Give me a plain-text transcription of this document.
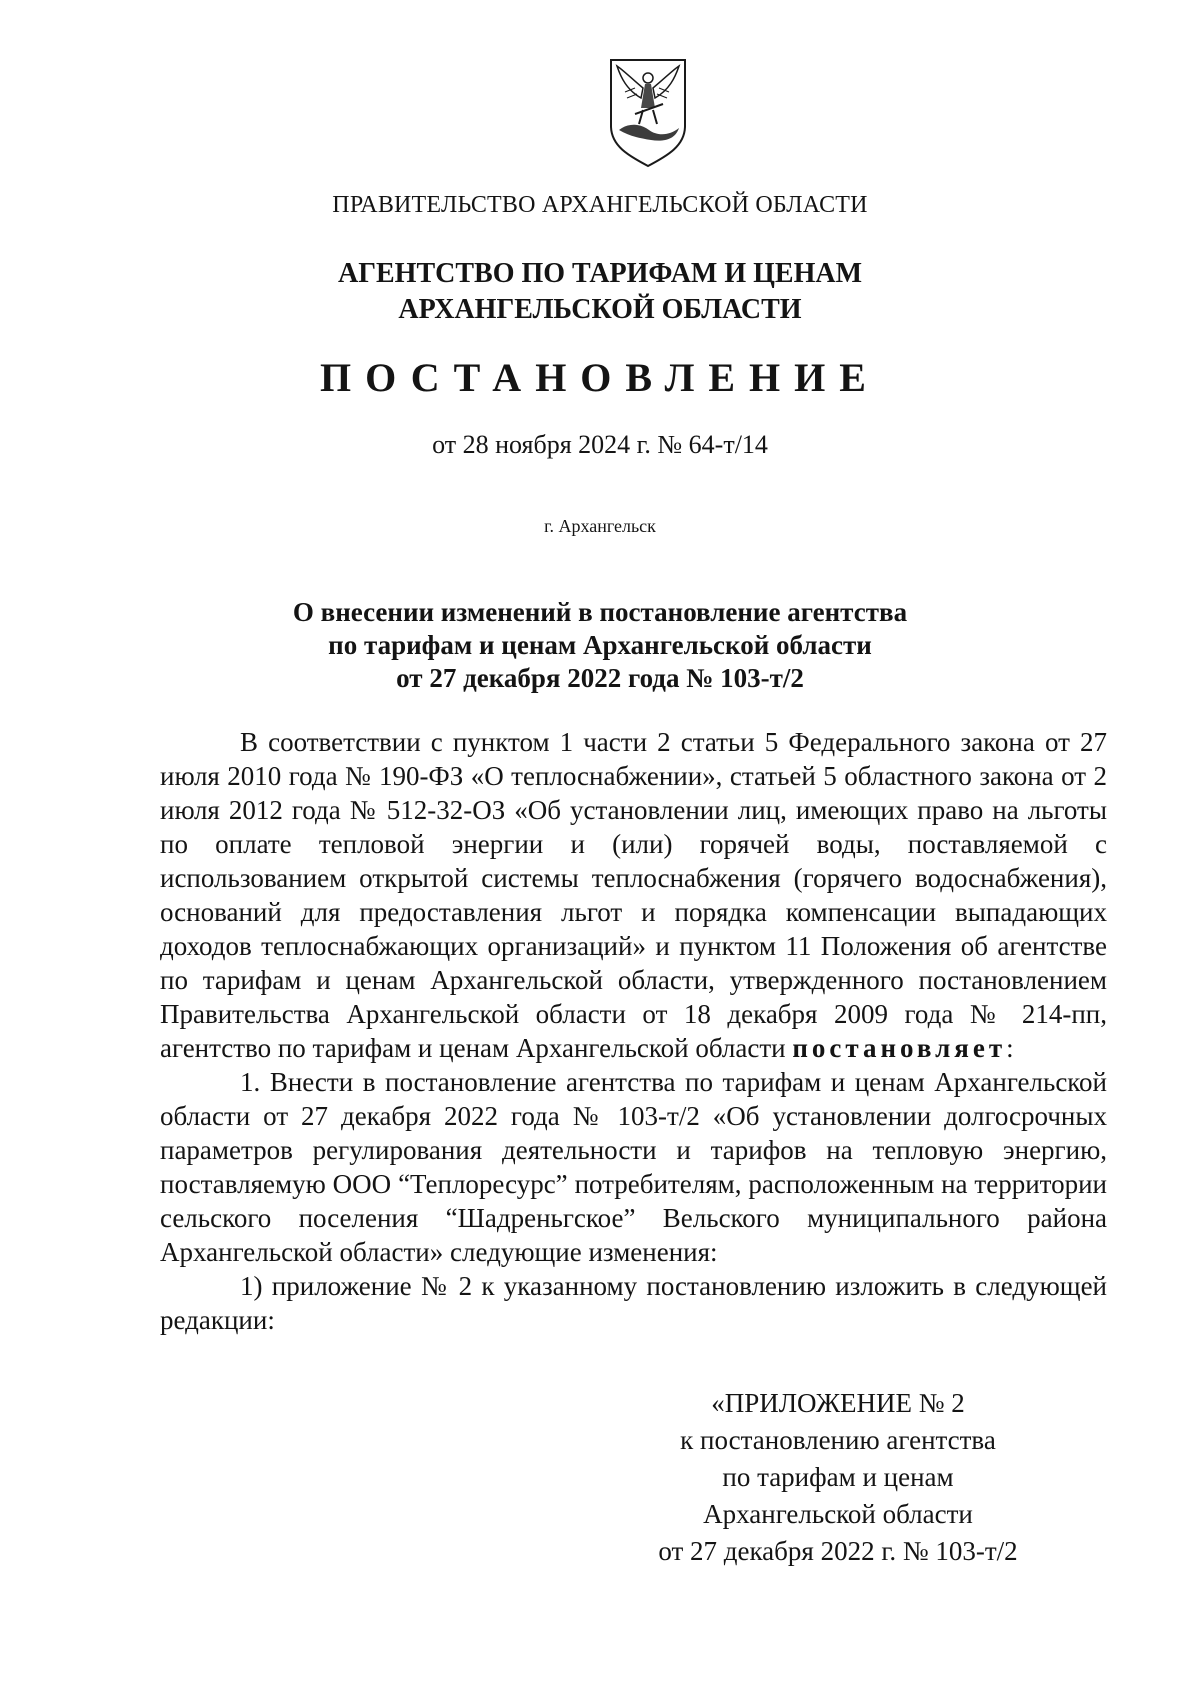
ПРАВИТЕЛЬСТВО АРХАНГЕЛЬСКОЙ ОБЛАСТИ
АГЕНТСТВО ПО ТАРИФАМ И ЦЕНАМ
АРХАНГЕЛЬСКОЙ ОБЛАСТИ
ПОСТАНОВЛЕНИЕ
от 28 ноября 2024 г. № 64-т/14
г. Архангельск
О внесении изменений в постановление агентства
по тарифам и ценам Архангельской области
от 27 декабря 2022 года № 103-т/2

В соответствии с пунктом 1 части 2 статьи 5 Федерального закона от 27 июля 2010 года № 190-ФЗ «О теплоснабжении», статьей 5 областного закона от 2 июля 2012 года № 512-32-ОЗ «Об установлении лиц, имеющих право на льготы по оплате тепловой энергии и (или) горячей воды, поставляемой с использованием открытой системы теплоснабжения (горячего водоснабжения), оснований для предоставления льгот и порядка компенсации выпадающих доходов теплоснабжающих организаций» и пунктом 11 Положения об агентстве по тарифам и ценам Архангельской области, утвержденного постановлением Правительства Архангельской области от 18 декабря 2009 года № 214-пп, агентство по тарифам и ценам Архангельской области постановляет:

1. Внести в постановление агентства по тарифам и ценам Архангельской области от 27 декабря 2022 года № 103-т/2 «Об установлении долгосрочных параметров регулирования деятельности и тарифов на тепловую энергию, поставляемую ООО “Теплоресурс” потребителям, расположенным на территории сельского поселения “Шадреньгское” Вельского муниципального района Архангельской области» следующие изменения:

1) приложение № 2 к указанному постановлению изложить в следующей редакции:

«ПРИЛОЖЕНИЕ № 2
к постановлению агентства
по тарифам и ценам
Архангельской области
от 27 декабря 2022 г. № 103-т/2
